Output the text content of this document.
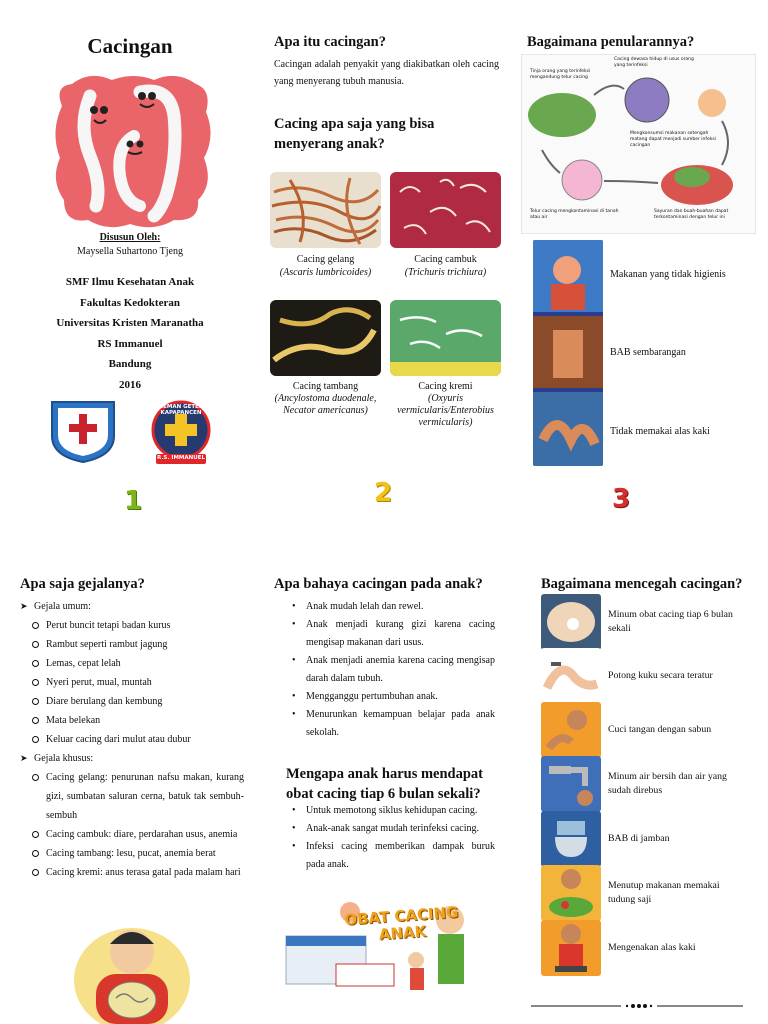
Cacingan
Disusun Oleh:
Maysella Suhartono Tjeng
SMF Ilmu Kesehatan Anak
Fakultas Kedokteran
Universitas Kristen Maranatha
RS Immanuel
Bandung
2016
HEMAN GETEN KAPAPANCEN
R.S. IMMANUEL
1
Apa itu cacingan?
Cacingan adalah penyakit yang diakibatkan oleh cacing yang menyerang tubuh manusia.
Cacing apa saja yang bisa menyerang anak?
Cacing gelang
(Ascaris lumbricoides)
Cacing cambuk
(Trichuris trichiura)
Cacing tambang
(Ancylostoma duodenale, Necator americanus)
Cacing kremi
(Oxyuris vermicularis/Enterobius vermicularis)
2
Bagaimana penularannya?
Tinja orang yang terinfeksi mengandung telur cacing
Cacing dewasa hidup di usus orang yang terinfeksi
Mengkonsumsi makanan setengah matang dapat menjadi sumber infeksi cacingan
Telur cacing mengkontaminasi di tanah atau air
Sayuran dan buah-buahan dapat terkontaminasi dengan telur ini
Makanan yang tidak higienis
BAB sembarangan
Tidak memakai alas kaki
3
Apa saja gejalanya?
➤ Gejala umum:
Perut buncit tetapi badan kurus
Rambut seperti rambut jagung
Lemas, cepat lelah
Nyeri perut, mual, muntah
Diare berulang dan kembung
Mata belekan
Keluar cacing dari mulut atau dubur
➤ Gejala khusus:
Cacing gelang: penurunan nafsu makan, kurang gizi, sumbatan saluran cerna, batuk tak sembuh-sembuh
Cacing cambuk: diare, perdarahan usus, anemia
Cacing tambang: lesu, pucat, anemia berat
Cacing kremi: anus terasa gatal pada malam hari
Apa bahaya cacingan pada anak?
• Anak mudah lelah dan rewel.
• Anak menjadi kurang gizi karena cacing mengisap makanan dari usus.
• Anak menjadi anemia karena cacing mengisap darah dalam tubuh.
• Mengganggu pertumbuhan anak.
• Menurunkan kemampuan belajar pada anak sekolah.
Mengapa anak harus mendapat obat cacing tiap 6 bulan sekali?
• Untuk memotong siklus kehidupan cacing.
• Anak-anak sangat mudah terinfeksi cacing.
• Infeksi cacing memberikan dampak buruk pada anak.
OBAT CACING ANAK
Bagaimana mencegah cacingan?
Minum obat cacing tiap 6 bulan sekali
Potong kuku secara teratur
Cuci tangan dengan sabun
Minum air bersih dan air yang sudah direbus
BAB di jamban
Menutup makanan memakai tudung saji
Mengenakan alas kaki
